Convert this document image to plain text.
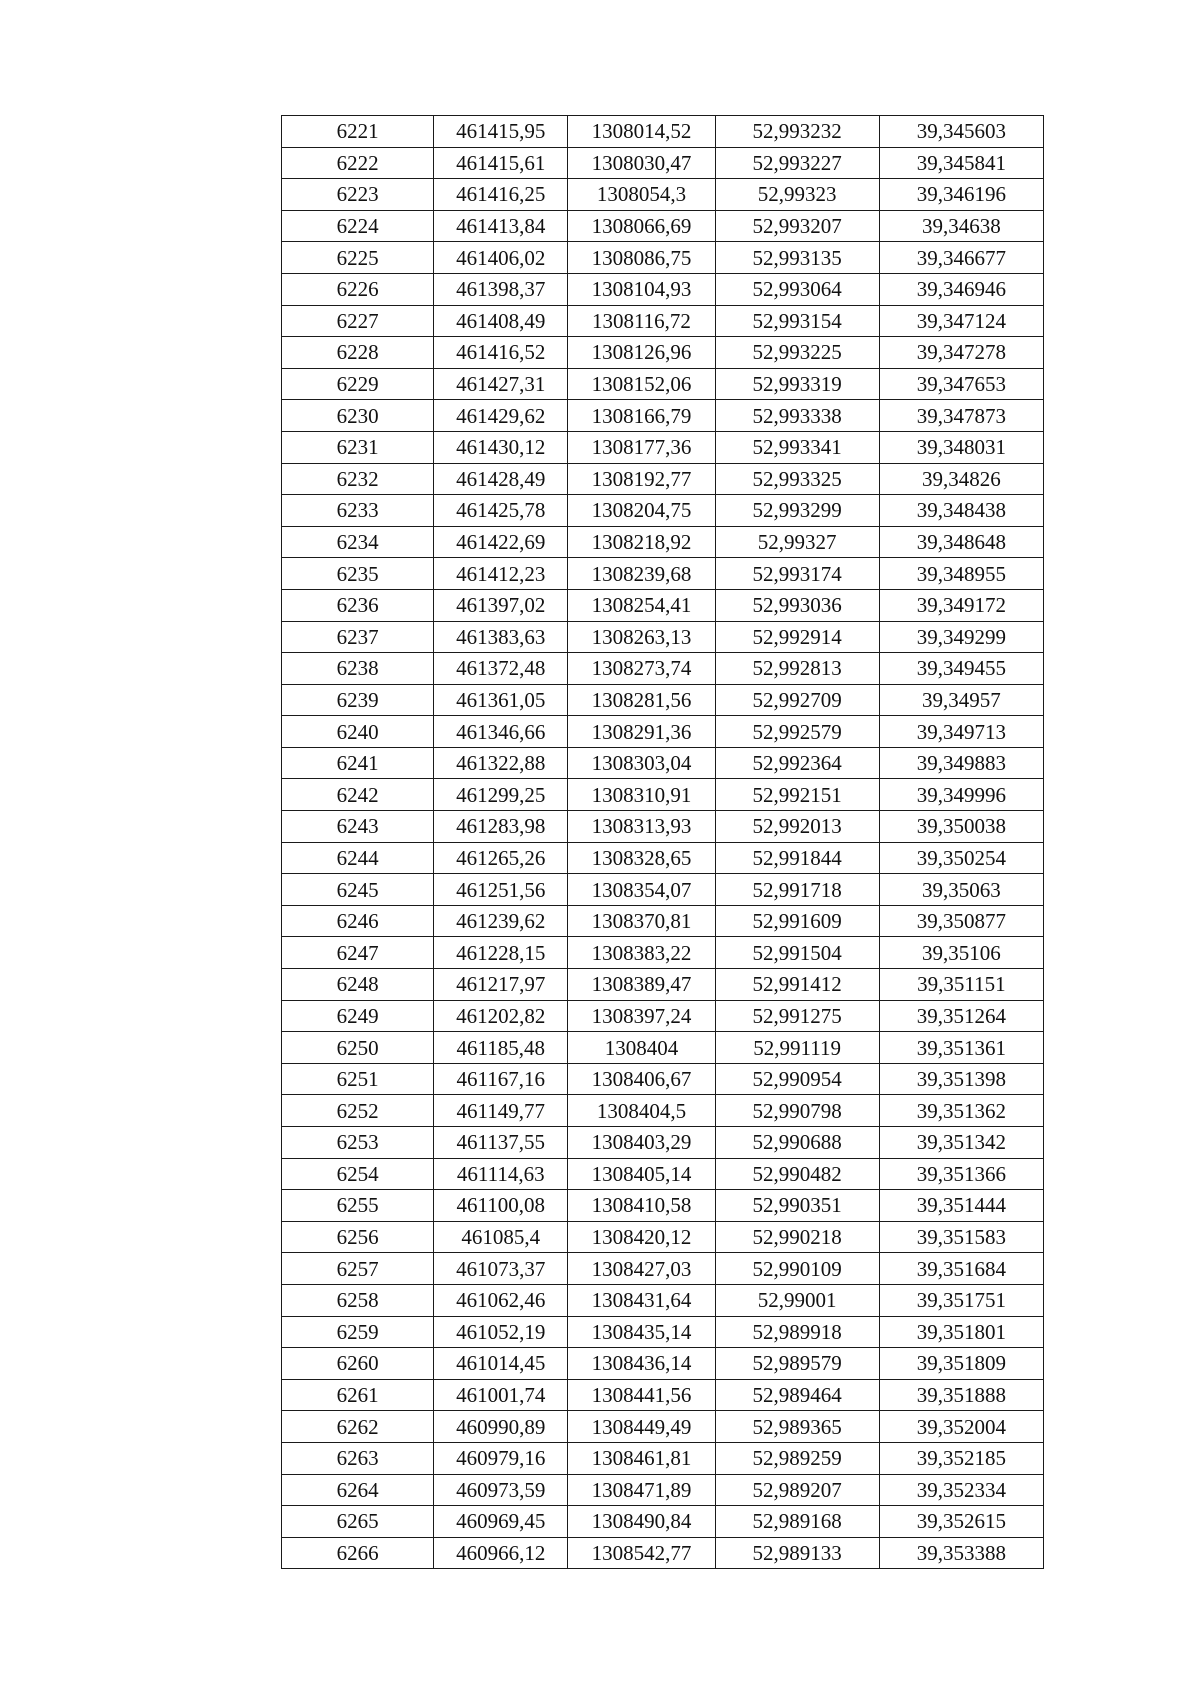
6221	461415,95	1308014,52	52,993232	39,345603
6222	461415,61	1308030,47	52,993227	39,345841
6223	461416,25	1308054,3	52,99323	39,346196
6224	461413,84	1308066,69	52,993207	39,34638
6225	461406,02	1308086,75	52,993135	39,346677
6226	461398,37	1308104,93	52,993064	39,346946
6227	461408,49	1308116,72	52,993154	39,347124
6228	461416,52	1308126,96	52,993225	39,347278
6229	461427,31	1308152,06	52,993319	39,347653
6230	461429,62	1308166,79	52,993338	39,347873
6231	461430,12	1308177,36	52,993341	39,348031
6232	461428,49	1308192,77	52,993325	39,34826
6233	461425,78	1308204,75	52,993299	39,348438
6234	461422,69	1308218,92	52,99327	39,348648
6235	461412,23	1308239,68	52,993174	39,348955
6236	461397,02	1308254,41	52,993036	39,349172
6237	461383,63	1308263,13	52,992914	39,349299
6238	461372,48	1308273,74	52,992813	39,349455
6239	461361,05	1308281,56	52,992709	39,34957
6240	461346,66	1308291,36	52,992579	39,349713
6241	461322,88	1308303,04	52,992364	39,349883
6242	461299,25	1308310,91	52,992151	39,349996
6243	461283,98	1308313,93	52,992013	39,350038
6244	461265,26	1308328,65	52,991844	39,350254
6245	461251,56	1308354,07	52,991718	39,35063
6246	461239,62	1308370,81	52,991609	39,350877
6247	461228,15	1308383,22	52,991504	39,35106
6248	461217,97	1308389,47	52,991412	39,351151
6249	461202,82	1308397,24	52,991275	39,351264
6250	461185,48	1308404	52,991119	39,351361
6251	461167,16	1308406,67	52,990954	39,351398
6252	461149,77	1308404,5	52,990798	39,351362
6253	461137,55	1308403,29	52,990688	39,351342
6254	461114,63	1308405,14	52,990482	39,351366
6255	461100,08	1308410,58	52,990351	39,351444
6256	461085,4	1308420,12	52,990218	39,351583
6257	461073,37	1308427,03	52,990109	39,351684
6258	461062,46	1308431,64	52,99001	39,351751
6259	461052,19	1308435,14	52,989918	39,351801
6260	461014,45	1308436,14	52,989579	39,351809
6261	461001,74	1308441,56	52,989464	39,351888
6262	460990,89	1308449,49	52,989365	39,352004
6263	460979,16	1308461,81	52,989259	39,352185
6264	460973,59	1308471,89	52,989207	39,352334
6265	460969,45	1308490,84	52,989168	39,352615
6266	460966,12	1308542,77	52,989133	39,353388
